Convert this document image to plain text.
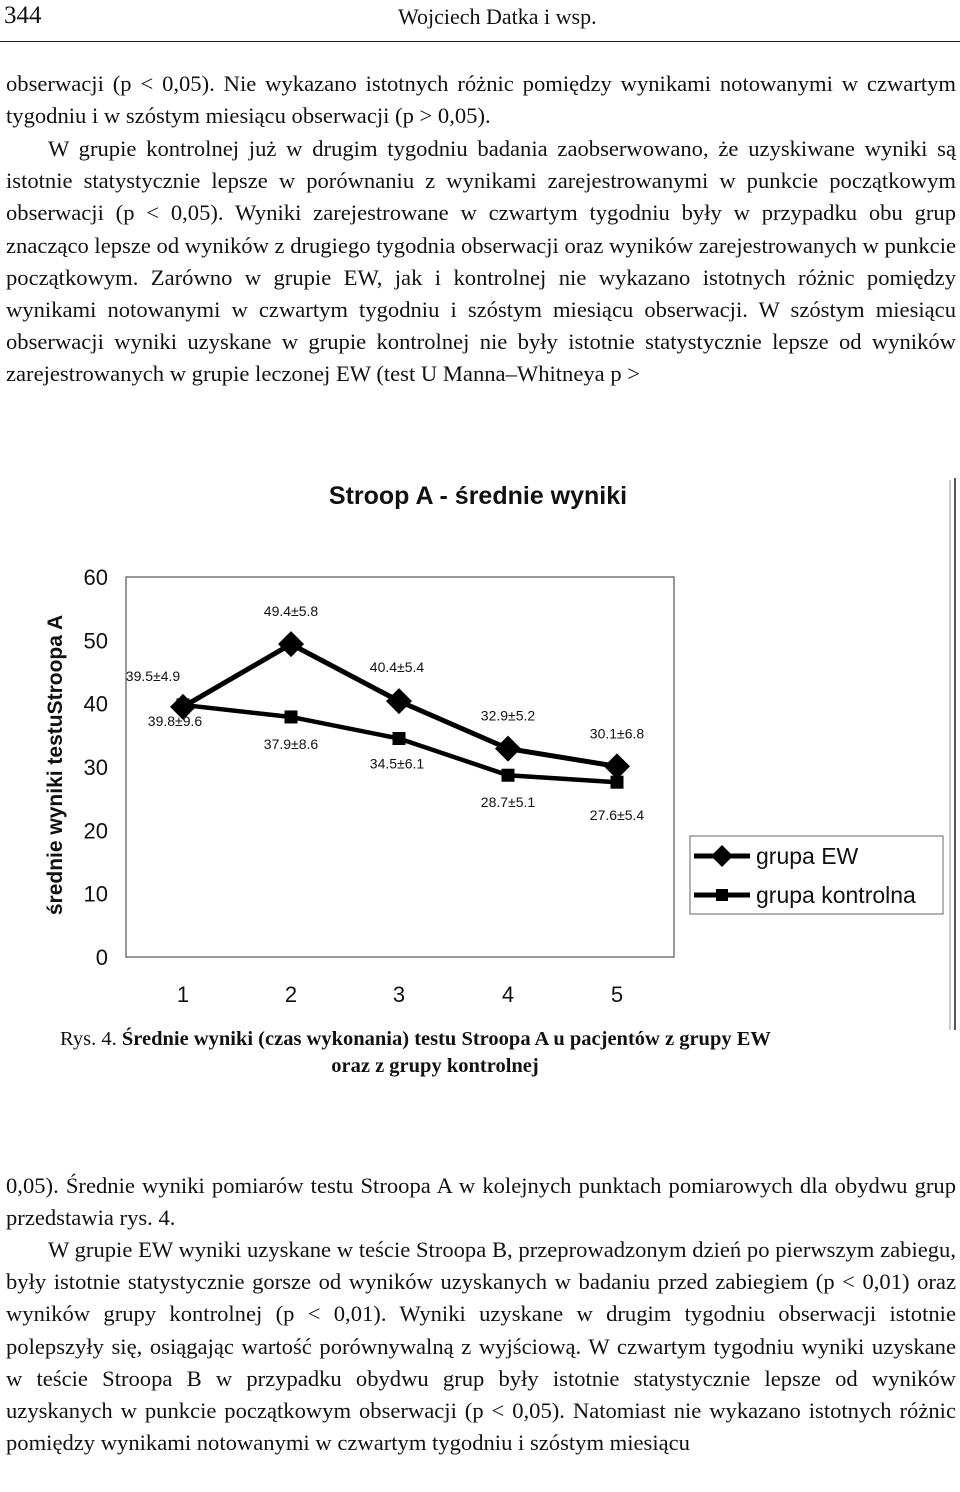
344	Wojciech Datka i wsp.

obserwacji (p < 0,05). Nie wykazano istotnych różnic pomiędzy wynikami notowanymi w czwartym tygodniu i w szóstym miesiącu obserwacji (p > 0,05).

W grupie kontrolnej już w drugim tygodniu badania zaobserwowano, że uzyskiwane wyniki są istotnie statystycznie lepsze w porównaniu z wynikami zarejestrowanymi w punkcie początkowym obserwacji (p < 0,05). Wyniki zarejestrowane w czwartym tygodniu były w przypadku obu grup znacząco lepsze od wyników z drugiego tygodnia obserwacji oraz wyników zarejestrowanych w punkcie początkowym. Zarówno w grupie EW, jak i kontrolnej nie wykazano istotnych różnic pomiędzy wynikami notowanymi w czwartym tygodniu i szóstym miesiącu obserwacji. W szóstym miesiącu obserwacji wyniki uzyskane w grupie kontrolnej nie były istotnie statystycznie lepsze od wyników zarejestrowanych w grupie leczonej EW (test U Manna–Whitneya p >

Stroop A - średnie wyniki
średnie wyniki testuStroopa A
0
10
20
30
40
50
60
1	2	3	4	5
39.5±4.9
49.4±5.8
40.4±5.4
32.9±5.2
30.1±6.8
39.8±9.6
37.9±8.6
34.5±6.1
28.7±5.1
27.6±5.4
grupa EW
grupa kontrolna
Rys. 4. Średnie wyniki (czas wykonania) testu Stroopa A u pacjentów z grupy EW
oraz z grupy kontrolnej

0,05). Średnie wyniki pomiarów testu Stroopa A w kolejnych punktach pomiarowych dla obydwu grup przedstawia rys. 4.

W grupie EW wyniki uzyskane w teście Stroopa B, przeprowadzonym dzień po pierwszym zabiegu, były istotnie statystycznie gorsze od wyników uzyskanych w badaniu przed zabiegiem (p < 0,01) oraz wyników grupy kontrolnej (p < 0,01). Wyniki uzyskane w drugim tygodniu obserwacji istotnie polepszyły się, osiągając wartość porównywalną z wyjściową. W czwartym tygodniu wyniki uzyskane w teście Stroopa B w przypadku obydwu grup były istotnie statystycznie lepsze od wyników uzyskanych w punkcie początkowym obserwacji (p < 0,05). Natomiast nie wykazano istotnych różnic pomiędzy wynikami notowanymi w czwartym tygodniu i szóstym miesiącu
